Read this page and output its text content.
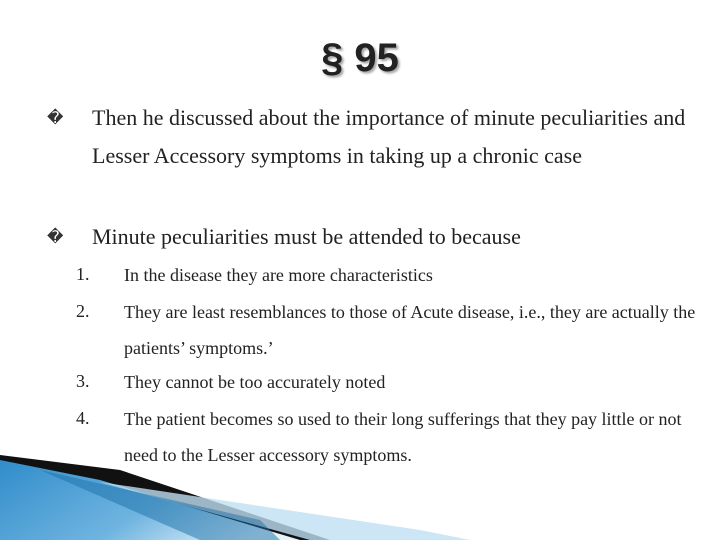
§ 95
� Then he discussed about the importance of minute peculiarities and Lesser Accessory symptoms in taking up a chronic case
� Minute peculiarities must be attended to because
1.	In the disease they are more characteristics
2.	They are least resemblances to those of Acute disease, i.e., they are actually the patients’ symptoms.’
3.	They cannot be too accurately noted
4.	The patient becomes so used to their long sufferings that they pay little or not need to the Lesser accessory symptoms.
